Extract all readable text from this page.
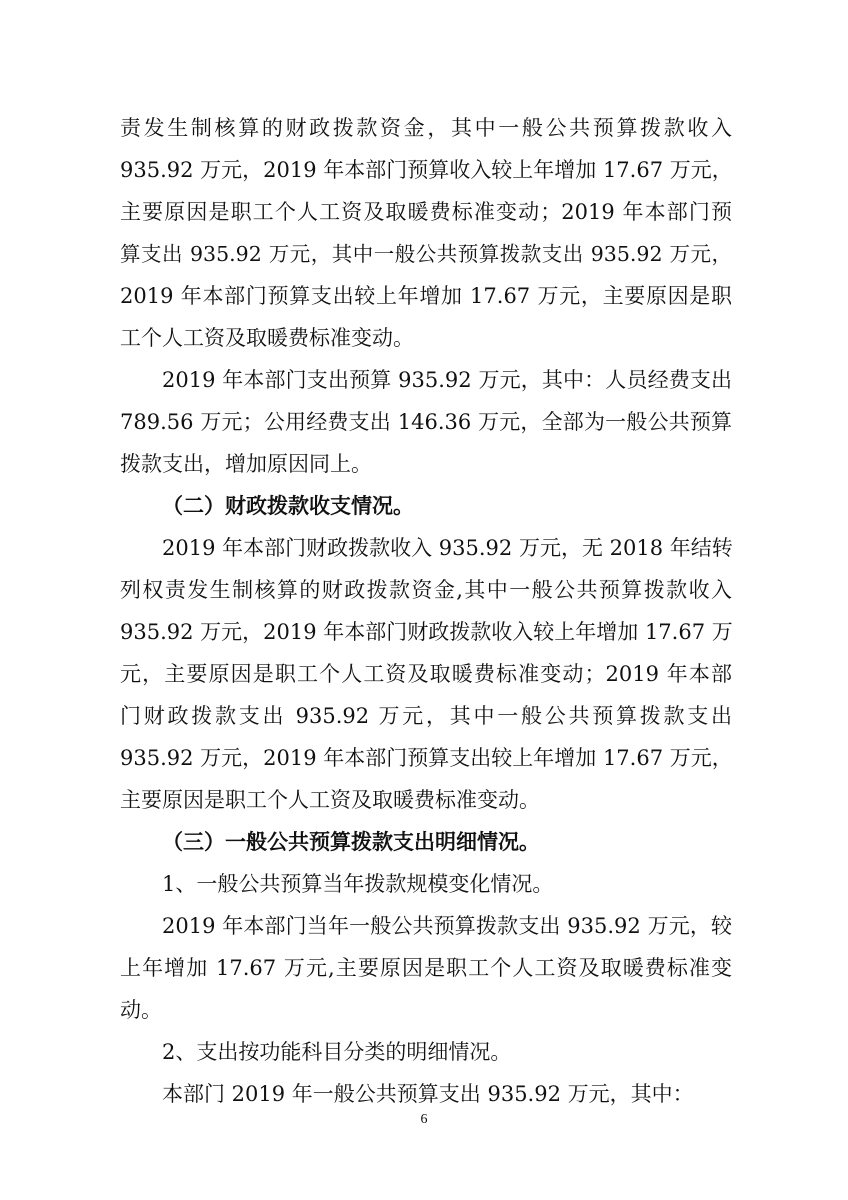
责发生制核算的财政拨款资金，其中一般公共预算拨款收入
935.92 万元，2019 年本部门预算收入较上年增加 17.67 万元，
主要原因是职工个人工资及取暖费标准变动；2019 年本部门预
算支出 935.92 万元，其中一般公共预算拨款支出 935.92 万元，
2019 年本部门预算支出较上年增加 17.67 万元，主要原因是职
工个人工资及取暖费标准变动。
2019 年本部门支出预算 935.92 万元，其中：人员经费支出
789.56 万元；公用经费支出 146.36 万元，全部为一般公共预算
拨款支出，增加原因同上。
（二）财政拨款收支情况。
2019 年本部门财政拨款收入 935.92 万元，无 2018 年结转
列权责发生制核算的财政拨款资金,其中一般公共预算拨款收入
935.92 万元，2019 年本部门财政拨款收入较上年增加 17.67 万
元，主要原因是职工个人工资及取暖费标准变动；2019 年本部
门财政拨款支出 935.92 万元，其中一般公共预算拨款支出
935.92 万元，2019 年本部门预算支出较上年增加 17.67 万元，
主要原因是职工个人工资及取暖费标准变动。
（三）一般公共预算拨款支出明细情况。
1、一般公共预算当年拨款规模变化情况。
2019 年本部门当年一般公共预算拨款支出 935.92 万元，较
上年增加 17.67 万元,主要原因是职工个人工资及取暖费标准变
动。
2、支出按功能科目分类的明细情况。
本部门 2019 年一般公共预算支出 935.92 万元，其中：
6
